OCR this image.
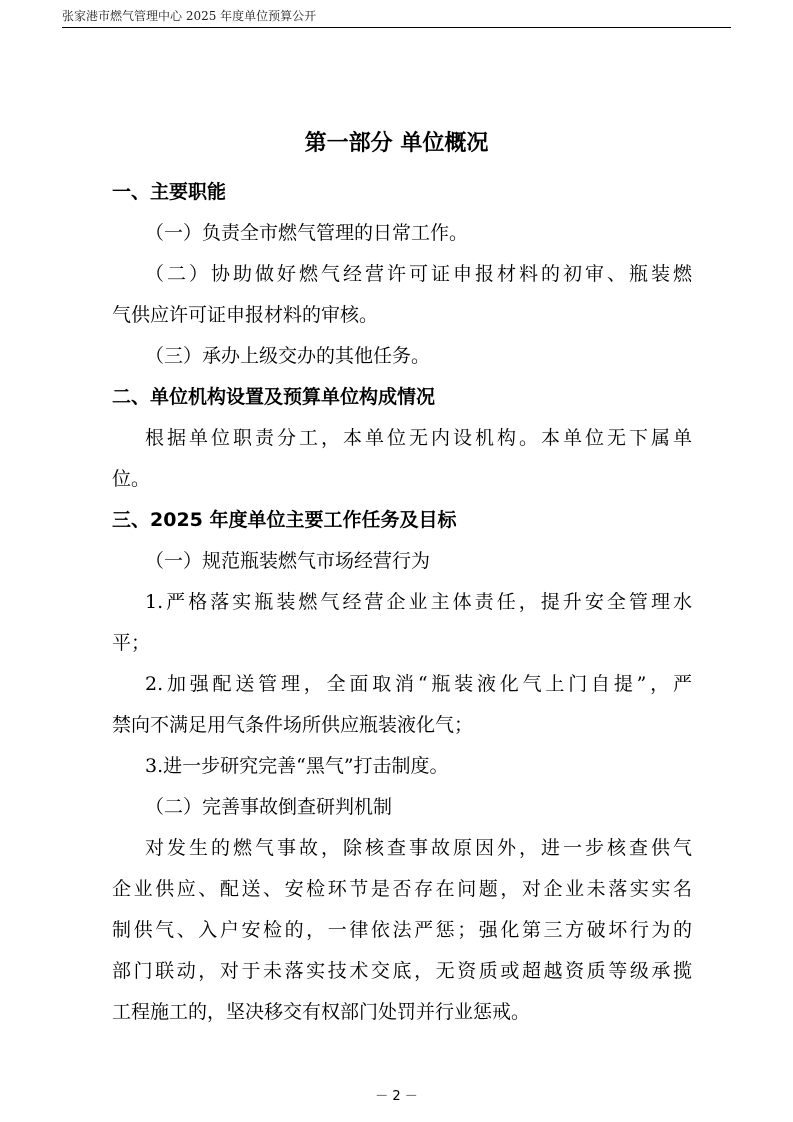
张家港市燃气管理中心 2025 年度单位预算公开
第一部分 单位概况
一、主要职能
（一）负责全市燃气管理的日常工作。
（二）协助做好燃气经营许可证申报材料的初审、瓶装燃
气供应许可证申报材料的审核。
（三）承办上级交办的其他任务。
二、单位机构设置及预算单位构成情况
根据单位职责分工，本单位无内设机构。本单位无下属单
位。
三、2025 年度单位主要工作任务及目标
（一）规范瓶装燃气市场经营行为
1.严格落实瓶装燃气经营企业主体责任，提升安全管理水
平；
2.加强配送管理，全面取消“瓶装液化气上门自提”，严
禁向不满足用气条件场所供应瓶装液化气；
3.进一步研究完善“黑气”打击制度。
（二）完善事故倒查研判机制
对发生的燃气事故，除核查事故原因外，进一步核查供气
企业供应、配送、安检环节是否存在问题，对企业未落实实名
制供气、入户安检的，一律依法严惩；强化第三方破坏行为的
部门联动，对于未落实技术交底，无资质或超越资质等级承揽
工程施工的，坚决移交有权部门处罚并行业惩戒。
－ 2 －
